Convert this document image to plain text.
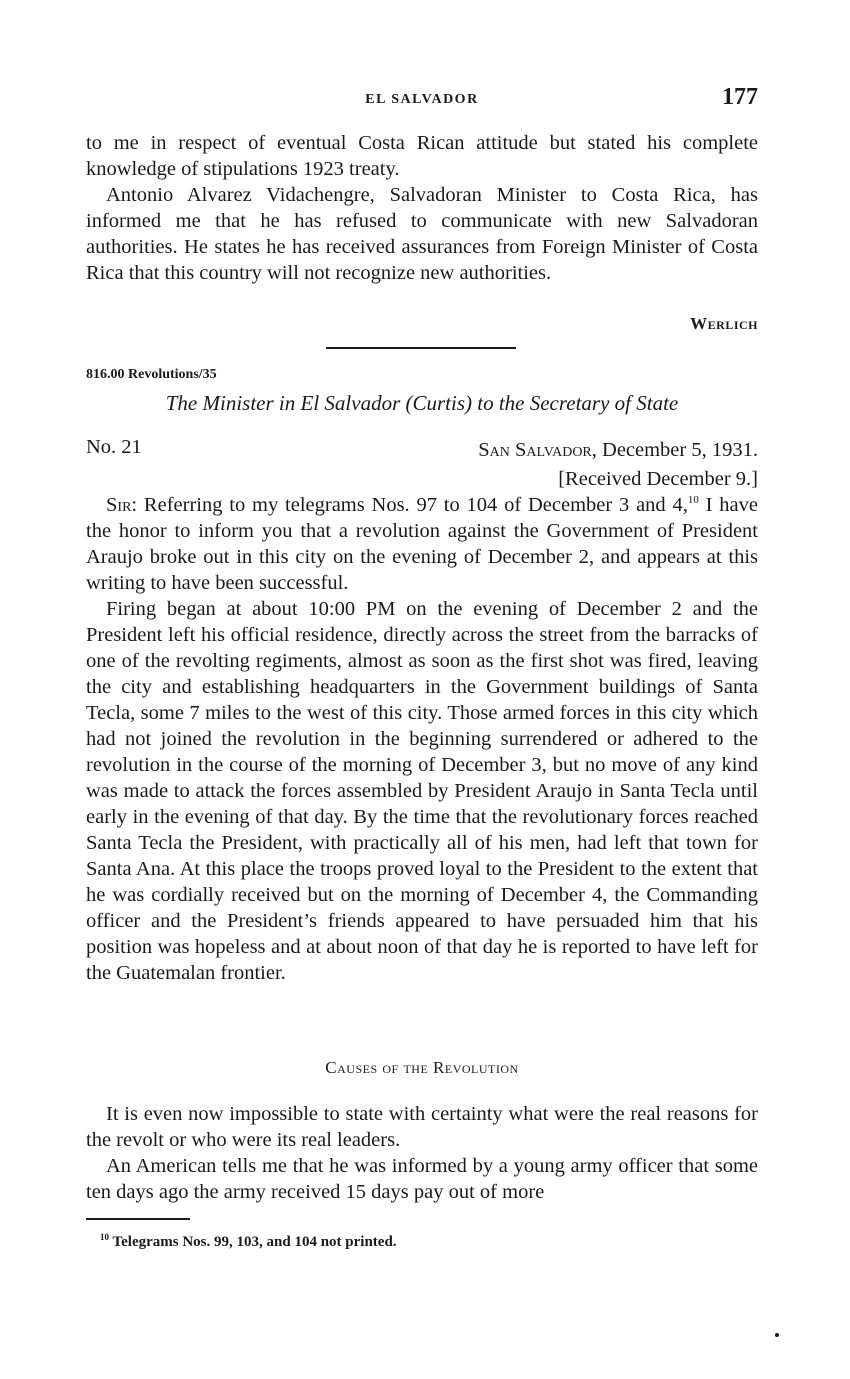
EL SALVADOR	177

to me in respect of eventual Costa Rican attitude but stated his complete knowledge of stipulations 1923 treaty.

Antonio Alvarez Vidachengre, Salvadoran Minister to Costa Rica, has informed me that he has refused to communicate with new Salvadoran authorities. He states he has received assurances from Foreign Minister of Costa Rica that this country will not recognize new authorities.

Werlich
816.00 Revolutions/35
The Minister in El Salvador (Curtis) to the Secretary of State
No. 21	San Salvador, December 5, 1931.
[Received December 9.]

Sir: Referring to my telegrams Nos. 97 to 104 of December 3 and 4,10 I have the honor to inform you that a revolution against the Government of President Araujo broke out in this city on the evening of December 2, and appears at this writing to have been successful.

Firing began at about 10:00 PM on the evening of December 2 and the President left his official residence, directly across the street from the barracks of one of the revolting regiments, almost as soon as the first shot was fired, leaving the city and establishing headquarters in the Government buildings of Santa Tecla, some 7 miles to the west of this city. Those armed forces in this city which had not joined the revolution in the beginning surrendered or adhered to the revolution in the course of the morning of December 3, but no move of any kind was made to attack the forces assembled by President Araujo in Santa Tecla until early in the evening of that day. By the time that the revolutionary forces reached Santa Tecla the President, with practically all of his men, had left that town for Santa Ana. At this place the troops proved loyal to the President to the extent that he was cordially received but on the morning of December 4, the Commanding officer and the President’s friends appeared to have persuaded him that his position was hopeless and at about noon of that day he is reported to have left for the Guatemalan frontier.

Causes of the Revolution

It is even now impossible to state with certainty what were the real reasons for the revolt or who were its real leaders.

An American tells me that he was informed by a young army officer that some ten days ago the army received 15 days pay out of more

$^{10}$ Telegrams Nos. 99, 103, and 104 not printed.
